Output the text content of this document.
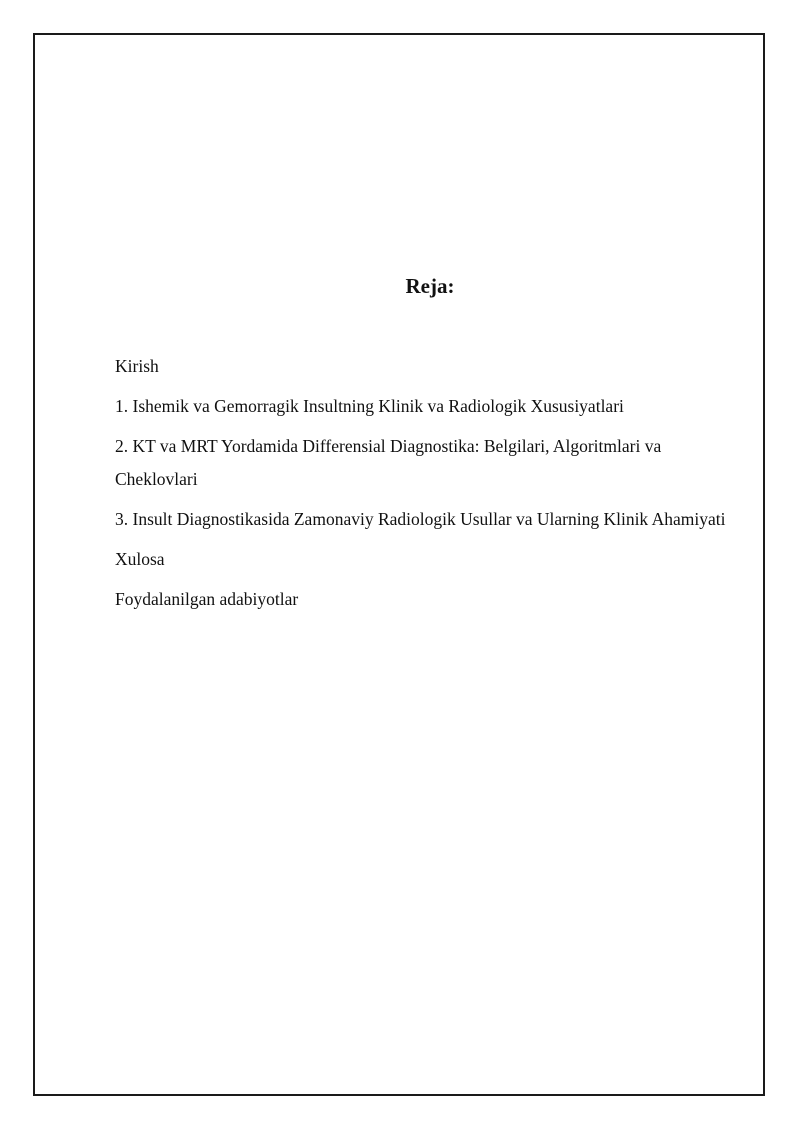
Reja:
Kirish
1. Ishemik va Gemorragik Insultning Klinik va Radiologik Xususiyatlari
2. KT va MRT Yordamida Differensial Diagnostika: Belgilari, Algoritmlari va Cheklovlari
3. Insult Diagnostikasida Zamonaviy Radiologik Usullar va Ularning Klinik Ahamiyati
Xulosa
Foydalanilgan adabiyotlar
